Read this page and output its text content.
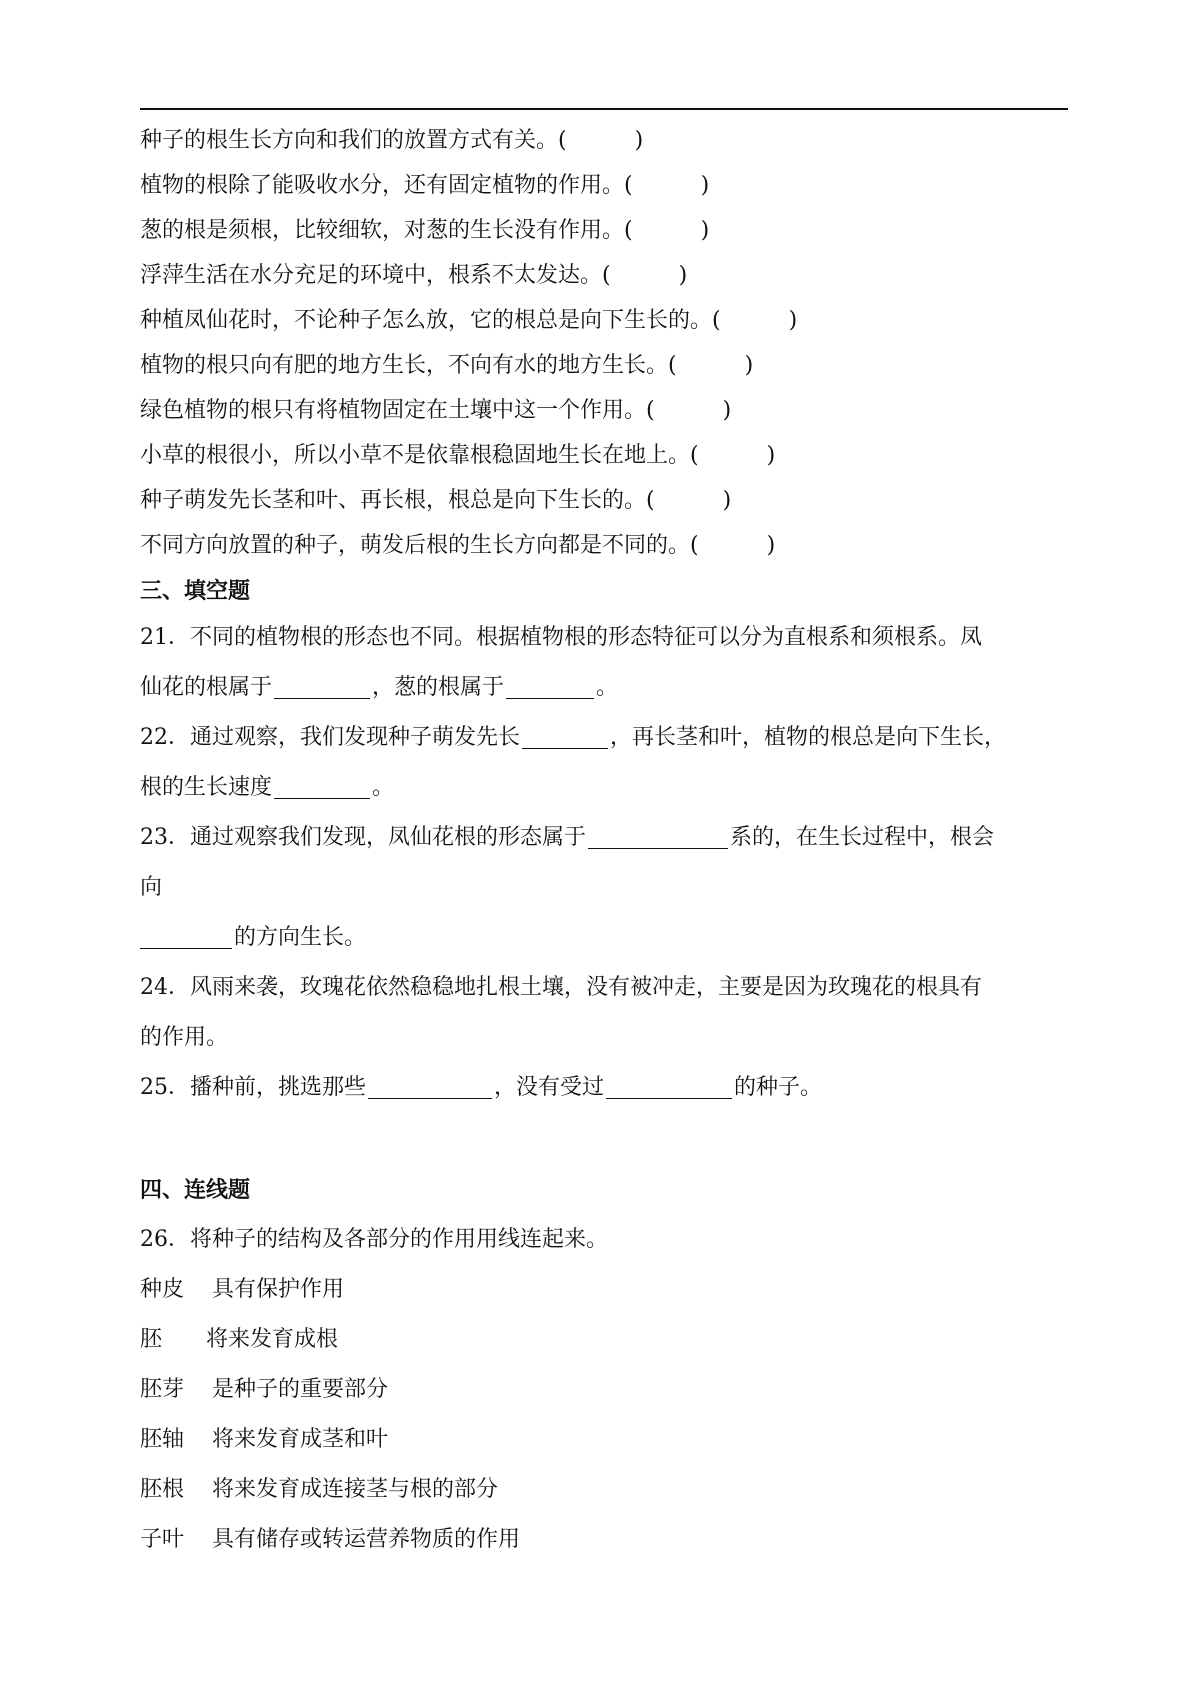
种子的根生长方向和我们的放置方式有关。(	)
植物的根除了能吸收水分，还有固定植物的作用。(	)
葱的根是须根，比较细软，对葱的生长没有作用。(	)
浮萍生活在水分充足的环境中，根系不太发达。(	)
种植凤仙花时，不论种子怎么放，它的根总是向下生长的。(	)
植物的根只向有肥的地方生长，不向有水的地方生长。(	)
绿色植物的根只有将植物固定在土壤中这一个作用。(	)
小草的根很小，所以小草不是依靠根稳固地生长在地上。(	)
种子萌发先长茎和叶、再长根，根总是向下生长的。(	)
不同方向放置的种子，萌发后根的生长方向都是不同的。(	)
三、填空题
21．不同的植物根的形态也不同。根据植物根的形态特征可以分为直根系和须根系。凤
仙花的根属于	，葱的根属于	。
22．通过观察，我们发现种子萌发先长	，再长茎和叶，植物的根总是向下生长，
根的生长速度	。
23．通过观察我们发现，凤仙花根的形态属于	系的，在生长过程中，根会
向
的方向生长。
24．风雨来袭，玫瑰花依然稳稳地扎根土壤，没有被冲走，主要是因为玫瑰花的根具有
的作用。
25．播种前，挑选那些	，没有受过	的种子。
四、连线题
26．将种子的结构及各部分的作用用线连起来。
种皮	具有保护作用
胚	将来发育成根
胚芽	是种子的重要部分
胚轴	将来发育成茎和叶
胚根	将来发育成连接茎与根的部分
子叶	具有储存或转运营养物质的作用
